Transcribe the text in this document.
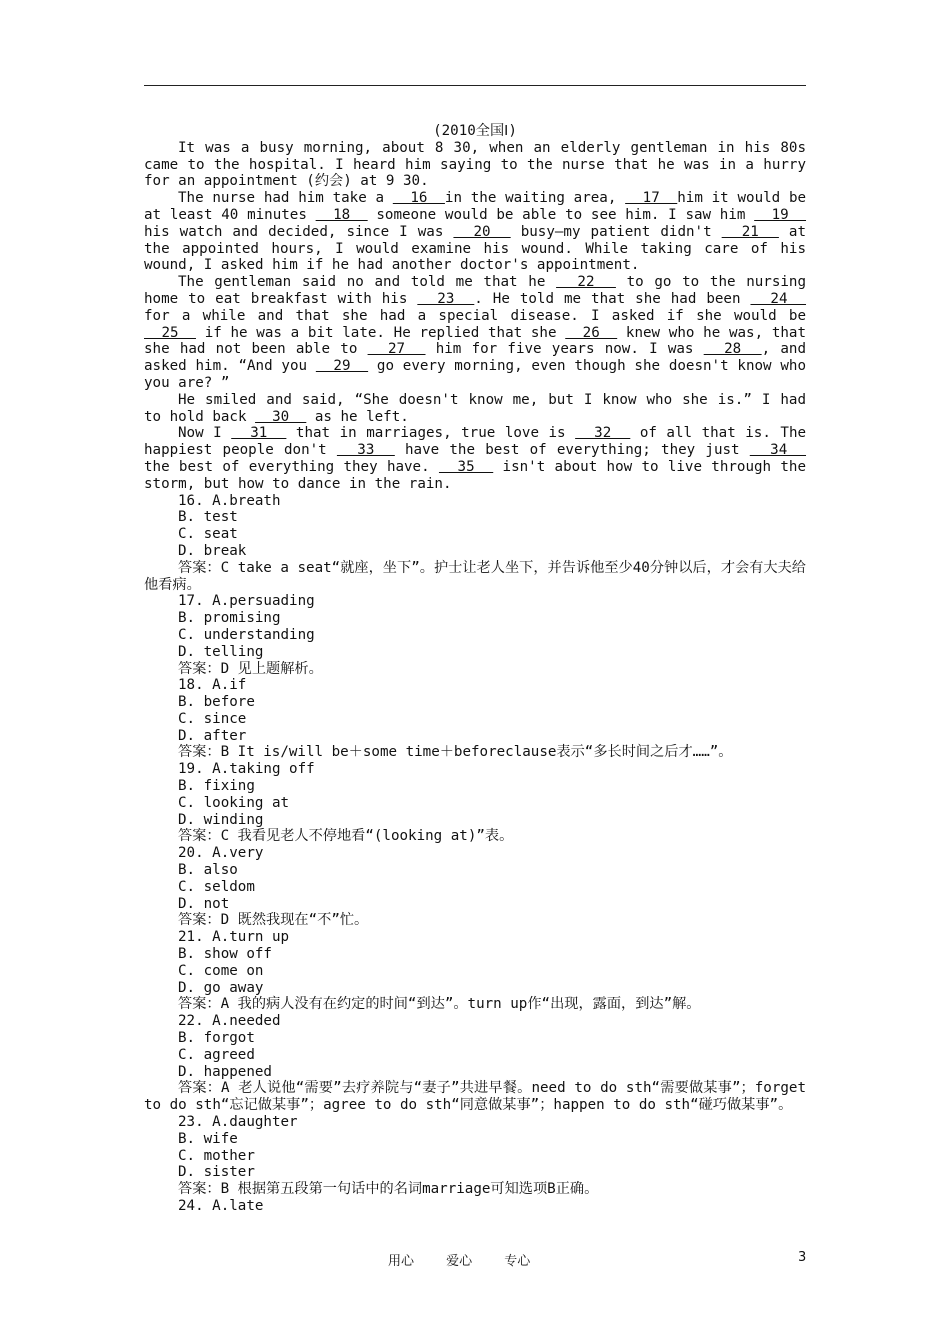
(2010全国Ⅰ)

It was a busy morning, about 8 30, when an elderly gentleman in his 80s came to the hospital. I heard him saying to the nurse that he was in a hurry for an appointment (约会) at 9 30.

The nurse had him take a   16  in the waiting area,   17  him it would be at least 40 minutes   18   someone would be able to see him. I saw him   19   his watch and decided, since I was   20   busy—my patient didn't   21   at the appointed hours, I would examine his wound. While taking care of his wound, I asked him if he had another doctor's appointment.

The gentleman said no and told me that he   22   to go to the nursing home to eat breakfast with his   23  . He told me that she had been   24   for a while and that she had a special disease. I asked if she would be   25   if he was a bit late. He replied that she   26   knew who he was, that she had not been able to   27   him for five years now. I was   28  , and asked him. “And you   29   go every morning, even though she doesn't know who you are? ”

He smiled and said, “She doesn't know me, but I know who she is.” I had to hold back   30   as he left.

Now I   31   that in marriages, true love is   32   of all that is. The happiest people don't   33   have the best of everything; they just   34   the best of everything they have.   35   isn't about how to live through the storm, but how to dance in the rain.

16. A.breath
B. test
C. seat
D. break
答案：C take a seat“就座，坐下”。护士让老人坐下，并告诉他至少40分钟以后，才会有大夫给他看病。
17. A.persuading
B. promising
C. understanding
D. telling
答案：D 见上题解析。
18. A.if
B. before
C. since
D. after
答案：B It is/will be＋some time＋beforeclause表示“多长时间之后才……”。
19. A.taking off
B. fixing
C. looking at
D. winding
答案：C 我看见老人不停地看“(looking at)”表。
20. A.very
B. also
C. seldom
D. not
答案：D 既然我现在“不”忙。
21. A.turn up
B. show off
C. come on
D. go away
答案：A 我的病人没有在约定的时间“到达”。turn up作“出现，露面，到达”解。
22. A.needed
B. forgot
C. agreed
D. happened
答案：A 老人说他“需要”去疗养院与“妻子”共进早餐。need to do sth“需要做某事”；forget to do sth“忘记做某事”；agree to do sth“同意做某事”；happen to do sth“碰巧做某事”。
23. A.daughter
B. wife
C. mother
D. sister
答案：B 根据第五段第一句话中的名词marriage可知选项B正确。
24. A.late
用心 爱心 专心	3
